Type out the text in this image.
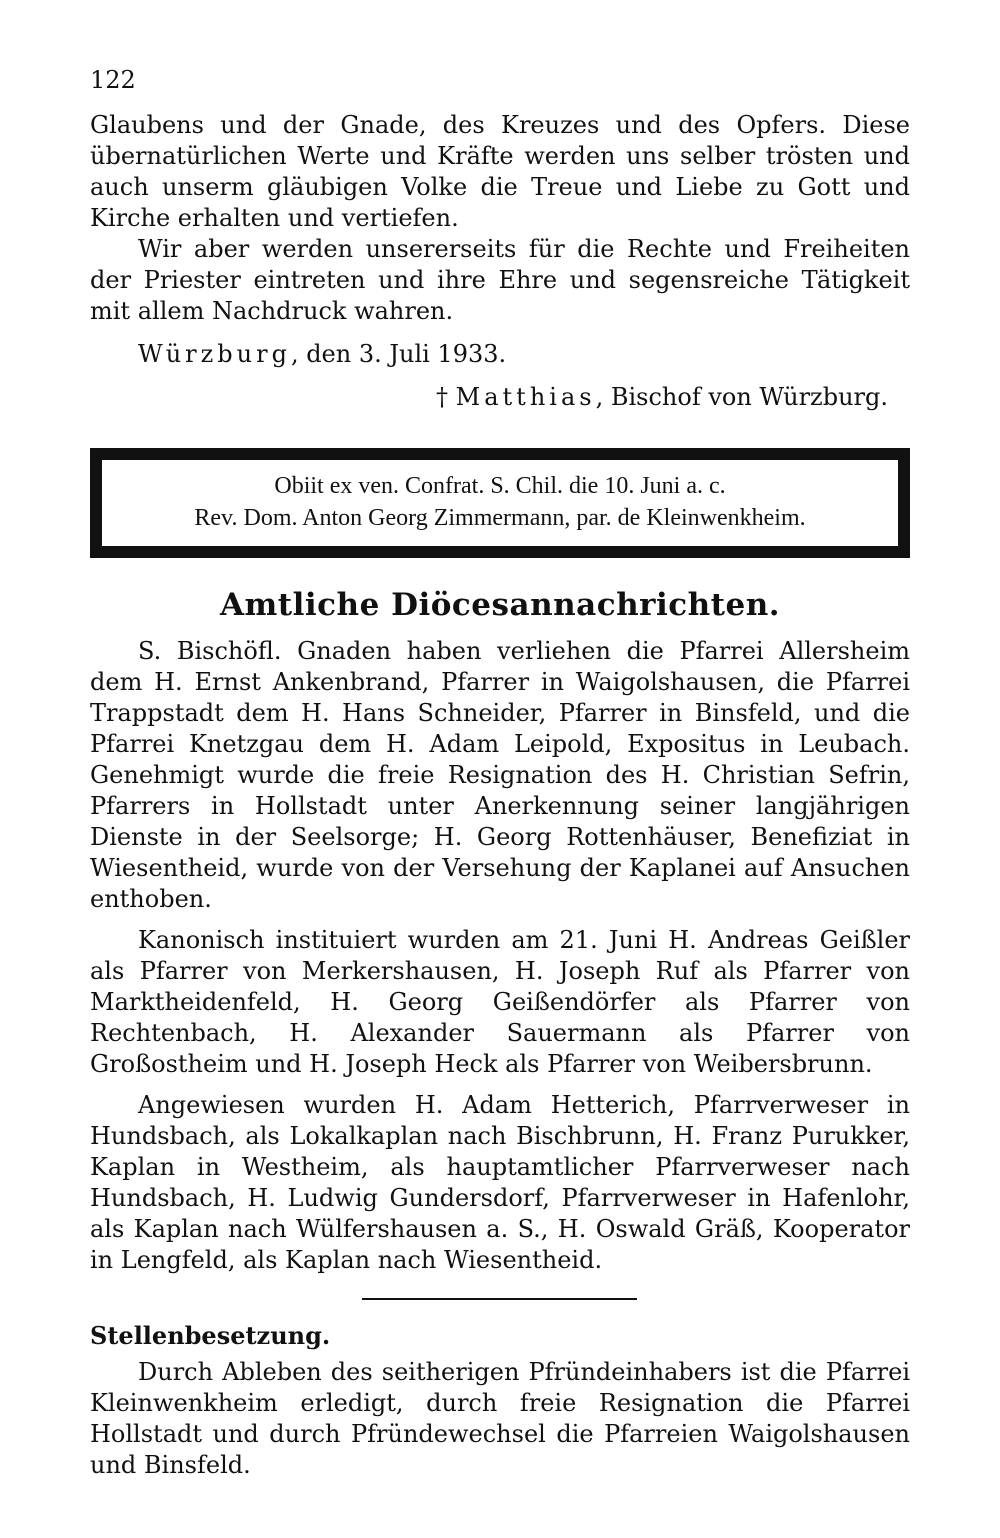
122

Glaubens und der Gnade, des Kreuzes und des Opfers. Diese übernatürlichen Werte und Kräfte werden uns selber trösten und auch unserm gläubigen Volke die Treue und Liebe zu Gott und Kirche erhalten und vertiefen.

Wir aber werden unsererseits für die Rechte und Freiheiten der Priester eintreten und ihre Ehre und segensreiche Tätigkeit mit allem Nachdruck wahren.

Würzburg, den 3. Juli 1933.
† Matthias, Bischof von Würzburg.
Obiit ex ven. Confrat. S. Chil. die 10. Juni a. c.
Rev. Dom. Anton Georg Zimmermann, par. de Kleinwenkheim.
Amtliche Diöcesannachrichten.

S. Bischöfl. Gnaden haben verliehen die Pfarrei Allersheim dem H. Ernst Ankenbrand, Pfarrer in Waigolshausen, die Pfarrei Trappstadt dem H. Hans Schneider, Pfarrer in Binsfeld, und die Pfarrei Knetzgau dem H. Adam Leipold, Expositus in Leubach. Genehmigt wurde die freie Resignation des H. Christian Sefrin, Pfarrers in Hollstadt unter Anerkennung seiner langjährigen Dienste in der Seelsorge; H. Georg Rottenhäuser, Benefiziat in Wiesentheid, wurde von der Versehung der Kaplanei auf Ansuchen enthoben.

Kanonisch instituiert wurden am 21. Juni H. Andreas Geißler als Pfarrer von Merkershausen, H. Joseph Ruf als Pfarrer von Marktheidenfeld, H. Georg Geißendörfer als Pfarrer von Rechtenbach, H. Alexander Sauermann als Pfarrer von Großostheim und H. Joseph Heck als Pfarrer von Weibersbrunn.

Angewiesen wurden H. Adam Hetterich, Pfarrverweser in Hundsbach, als Lokalkaplan nach Bischbrunn, H. Franz Purukker, Kaplan in Westheim, als hauptamtlicher Pfarrverweser nach Hundsbach, H. Ludwig Gundersdorf, Pfarrverweser in Hafenlohr, als Kaplan nach Wülfershausen a. S., H. Oswald Gräß, Kooperator in Lengfeld, als Kaplan nach Wiesentheid.

Stellenbesetzung.

Durch Ableben des seitherigen Pfründeinhabers ist die Pfarrei Kleinwenkheim erledigt, durch freie Resignation die Pfarrei Hollstadt und durch Pfründewechsel die Pfarreien Waigolshausen und Binsfeld.
